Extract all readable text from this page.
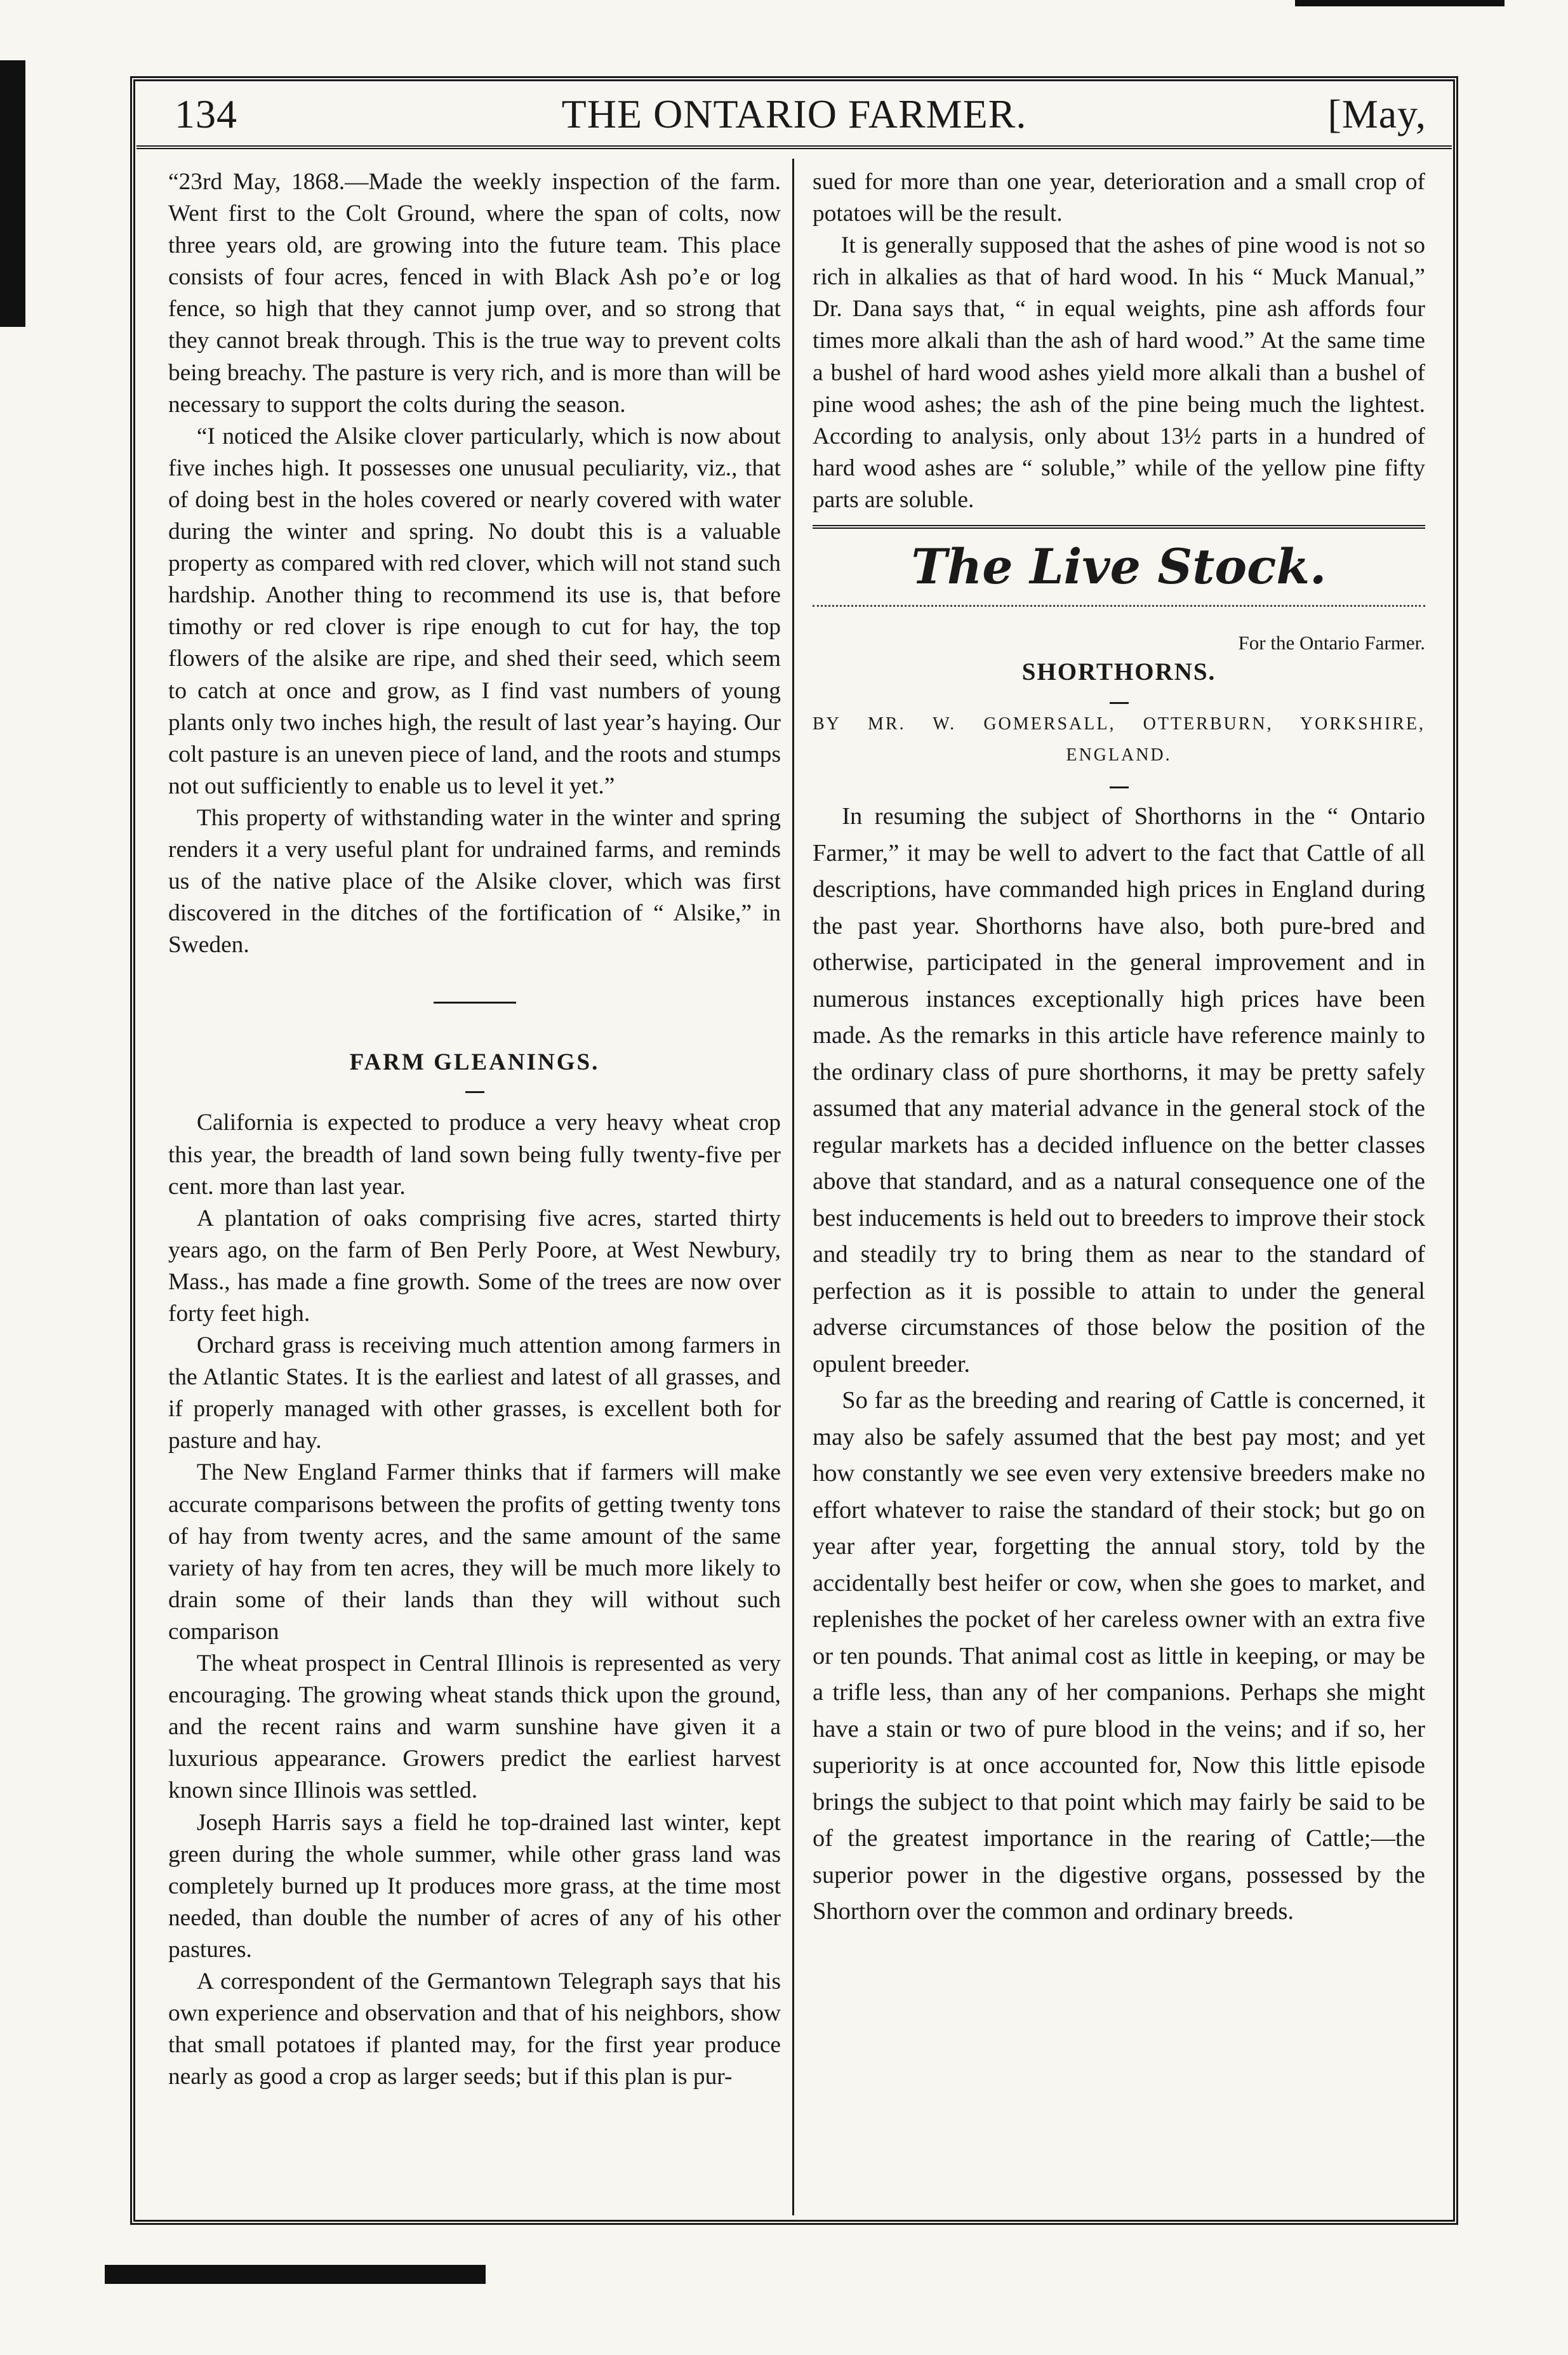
134	THE ONTARIO FARMER.	[May,

“23rd May, 1868.—Made the weekly inspection of the farm. Went first to the Colt Ground, where the span of colts, now three years old, are growing into the future team. This place consists of four acres, fenced in with Black Ash po’e or log fence, so high that they cannot jump over, and so strong that they cannot break through. This is the true way to prevent colts being breachy. The pasture is very rich, and is more than will be necessary to support the colts during the season.

“I noticed the Alsike clover particularly, which is now about five inches high. It possesses one unusual peculiarity, viz., that of doing best in the holes covered or nearly covered with water during the winter and spring. No doubt this is a valuable property as compared with red clover, which will not stand such hardship. Another thing to recommend its use is, that before timothy or red clover is ripe enough to cut for hay, the top flowers of the alsike are ripe, and shed their seed, which seem to catch at once and grow, as I find vast numbers of young plants only two inches high, the result of last year’s haying. Our colt pasture is an uneven piece of land, and the roots and stumps not out sufficiently to enable us to level it yet.”

This property of withstanding water in the winter and spring renders it a very useful plant for undrained farms, and reminds us of the native place of the Alsike clover, which was first discovered in the ditches of the fortification of “ Alsike,” in Sweden.

FARM GLEANINGS.

California is expected to produce a very heavy wheat crop this year, the breadth of land sown being fully twenty-five per cent. more than last year.

A plantation of oaks comprising five acres, started thirty years ago, on the farm of Ben Perly Poore, at West Newbury, Mass., has made a fine growth. Some of the trees are now over forty feet high.

Orchard grass is receiving much attention among farmers in the Atlantic States. It is the earliest and latest of all grasses, and if properly managed with other grasses, is excellent both for pasture and hay.

The New England Farmer thinks that if farmers will make accurate comparisons between the profits of getting twenty tons of hay from twenty acres, and the same amount of the same variety of hay from ten acres, they will be much more likely to drain some of their lands than they will without such comparison

The wheat prospect in Central Illinois is represented as very encouraging. The growing wheat stands thick upon the ground, and the recent rains and warm sunshine have given it a luxurious appearance. Growers predict the earliest harvest known since Illinois was settled.

Joseph Harris says a field he top-drained last winter, kept green during the whole summer, while other grass land was completely burned up It produces more grass, at the time most needed, than double the number of acres of any of his other pastures.

A correspondent of the Germantown Telegraph says that his own experience and observation and that of his neighbors, show that small potatoes if planted may, for the first year produce nearly as good a crop as larger seeds; but if this plan is pur-

sued for more than one year, deterioration and a small crop of potatoes will be the result.

It is generally supposed that the ashes of pine wood is not so rich in alkalies as that of hard wood. In his “ Muck Manual,” Dr. Dana says that, “ in equal weights, pine ash affords four times more alkali than the ash of hard wood.” At the same time a bushel of hard wood ashes yield more alkali than a bushel of pine wood ashes; the ash of the pine being much the lightest. According to analysis, only about 13½ parts in a hundred of hard wood ashes are “ soluble,” while of the yellow pine fifty parts are soluble.

The Live Stock.

For the Ontario Farmer.

SHORTHORNS.

BY MR. W. GOMERSALL, OTTERBURN, YORKSHIRE,

ENGLAND.

In resuming the subject of Shorthorns in the “ Ontario Farmer,” it may be well to advert to the fact that Cattle of all descriptions, have commanded high prices in England during the past year. Shorthorns have also, both pure-bred and otherwise, participated in the general improvement and in numerous instances exceptionally high prices have been made. As the remarks in this article have reference mainly to the ordinary class of pure shorthorns, it may be pretty safely assumed that any material advance in the general stock of the regular markets has a decided influence on the better classes above that standard, and as a natural consequence one of the best inducements is held out to breeders to improve their stock and steadily try to bring them as near to the standard of perfection as it is possible to attain to under the general adverse circumstances of those below the position of the opulent breeder.

So far as the breeding and rearing of Cattle is concerned, it may also be safely assumed that the best pay most; and yet how constantly we see even very extensive breeders make no effort whatever to raise the standard of their stock; but go on year after year, forgetting the annual story, told by the accidentally best heifer or cow, when she goes to market, and replenishes the pocket of her careless owner with an extra five or ten pounds. That animal cost as little in keeping, or may be a trifle less, than any of her companions. Perhaps she might have a stain or two of pure blood in the veins; and if so, her superiority is at once accounted for, Now this little episode brings the subject to that point which may fairly be said to be of the greatest importance in the rearing of Cattle;—the superior power in the digestive organs, possessed by the Shorthorn over the common and ordinary breeds.
